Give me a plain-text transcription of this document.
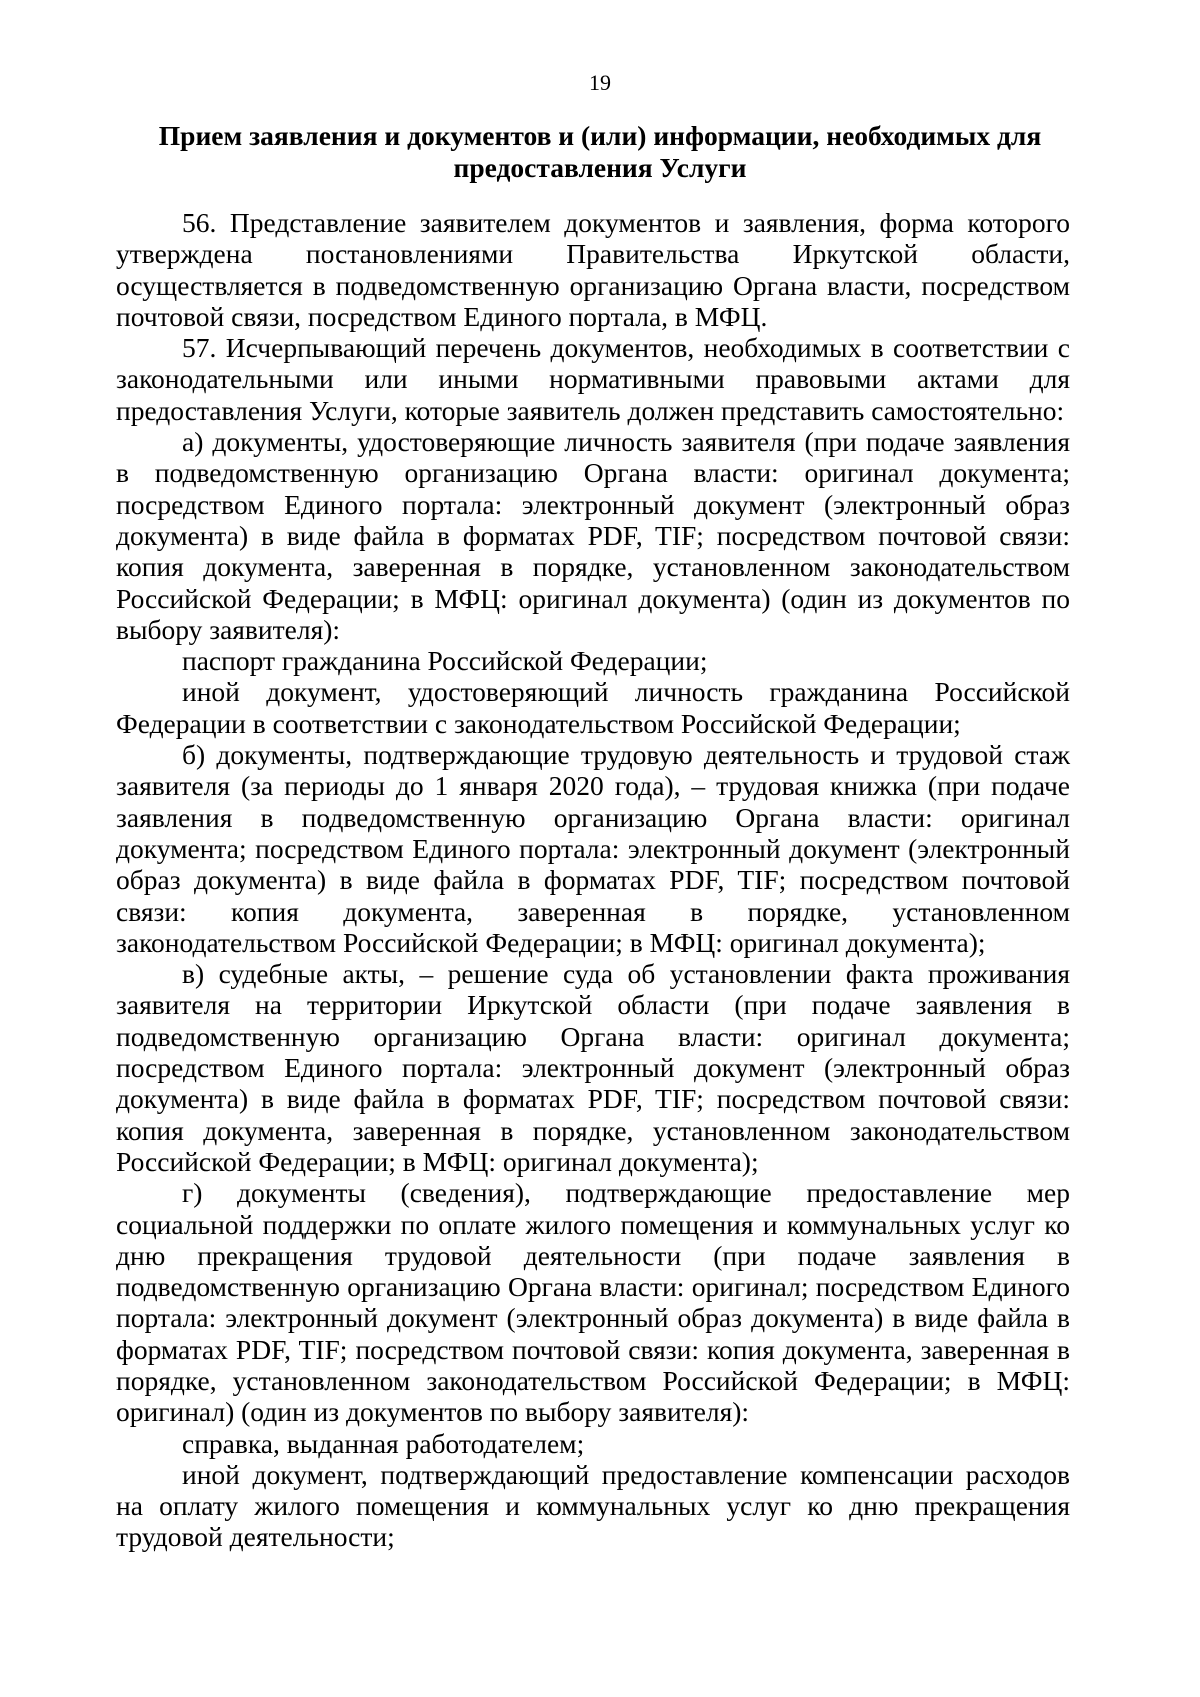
19
Прием заявления и документов и (или) информации, необходимых для
предоставления Услуги

56. Представление заявителем документов и заявления, форма которого утверждена постановлениями Правительства Иркутской области, осуществляется в подведомственную организацию Органа власти, посредством почтовой связи, посредством Единого портала, в МФЦ.

57. Исчерпывающий перечень документов, необходимых в соответствии с законодательными или иными нормативными правовыми актами для предоставления Услуги, которые заявитель должен представить самостоятельно:

а) документы, удостоверяющие личность заявителя (при подаче заявления в подведомственную организацию Органа власти: оригинал документа; посредством Единого портала: электронный документ (электронный образ документа) в виде файла в форматах PDF, TIF; посредством почтовой связи: копия документа, заверенная в порядке, установленном законодательством Российской Федерации; в МФЦ: оригинал документа) (один из документов по выбору заявителя):

паспорт гражданина Российской Федерации;

иной документ, удостоверяющий личность гражданина Российской Федерации в соответствии с законодательством Российской Федерации;

б) документы, подтверждающие трудовую деятельность и трудовой стаж заявителя (за периоды до 1 января 2020 года), – трудовая книжка (при подаче заявления в подведомственную организацию Органа власти: оригинал документа; посредством Единого портала: электронный документ (электронный образ документа) в виде файла в форматах PDF, TIF; посредством почтовой связи: копия документа, заверенная в порядке, установленном законодательством Российской Федерации; в МФЦ: оригинал документа);

в) судебные акты, – решение суда об установлении факта проживания заявителя на территории Иркутской области (при подаче заявления в подведомственную организацию Органа власти: оригинал документа; посредством Единого портала: электронный документ (электронный образ документа) в виде файла в форматах PDF, TIF; посредством почтовой связи: копия документа, заверенная в порядке, установленном законодательством Российской Федерации; в МФЦ: оригинал документа);

г) документы (сведения), подтверждающие предоставление мер социальной поддержки по оплате жилого помещения и коммунальных услуг ко дню прекращения трудовой деятельности (при подаче заявления в подведомственную организацию Органа власти: оригинал; посредством Единого портала: электронный документ (электронный образ документа) в виде файла в форматах PDF, TIF; посредством почтовой связи: копия документа, заверенная в порядке, установленном законодательством Российской Федерации; в МФЦ: оригинал) (один из документов по выбору заявителя):

справка, выданная работодателем;

иной документ, подтверждающий предоставление компенсации расходов на оплату жилого помещения и коммунальных услуг ко дню прекращения трудовой деятельности;
